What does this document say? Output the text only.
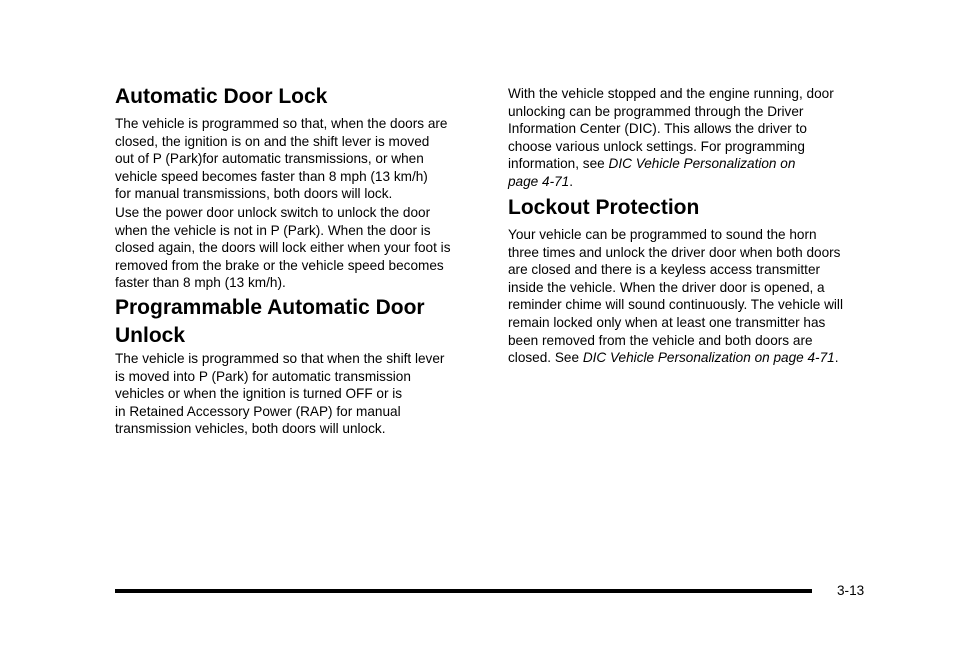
Automatic Door Lock

The vehicle is programmed so that, when the doors are
closed, the ignition is on and the shift lever is moved
out of P (Park)for automatic transmissions, or when
vehicle speed becomes faster than 8 mph (13 km/h)
for manual transmissions, both doors will lock.

Use the power door unlock switch to unlock the door
when the vehicle is not in P (Park). When the door is
closed again, the doors will lock either when your foot is
removed from the brake or the vehicle speed becomes
faster than 8 mph (13 km/h).

Programmable Automatic Door
Unlock

The vehicle is programmed so that when the shift lever
is moved into P (Park) for automatic transmission
vehicles or when the ignition is turned OFF or is
in Retained Accessory Power (RAP) for manual
transmission vehicles, both doors will unlock.

With the vehicle stopped and the engine running, door
unlocking can be programmed through the Driver
Information Center (DIC). This allows the driver to
choose various unlock settings. For programming
information, see DIC Vehicle Personalization on
page 4-71.

Lockout Protection

Your vehicle can be programmed to sound the horn
three times and unlock the driver door when both doors
are closed and there is a keyless access transmitter
inside the vehicle. When the driver door is opened, a
reminder chime will sound continuously. The vehicle will
remain locked only when at least one transmitter has
been removed from the vehicle and both doors are
closed. See DIC Vehicle Personalization on page 4-71.

3-13
